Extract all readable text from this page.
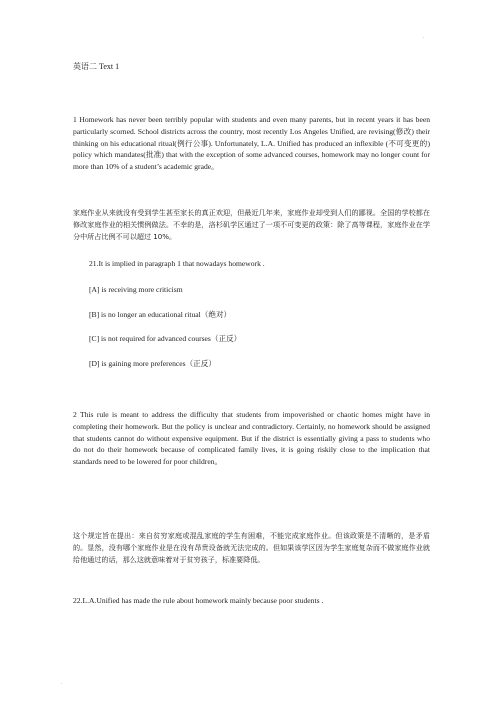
.
英语二 Text 1
1 Homework has never been terribly popular with students and even many parents, but in recent years it has been particularly scorned. School districts across the country, most recently Los Angeles Unified, are revising(修改) their thinking on his educational ritual(例行公事). Unfortunately, L.A. Unified has produced an inflexible (不可变更的) policy which mandates(批准) that with the exception of some advanced courses, homework may no longer count for more than 10% of a student’s academic grade。
家庭作业从来就没有受到学生甚至家长的真正欢迎，但最近几年来，家庭作业却受到人们的鄙视。全国的学校都在修改家庭作业的相关惯例做法。不幸的是，洛杉矶学区通过了一项不可变更的政策：除了高等课程，家庭作业在学分中所占比例不可以超过 10%。
21.It is implied in paragraph 1 that nowadays homework .
[A] is receiving more criticism
[B] is no longer an educational ritual（绝对）
[C] is not required for advanced courses（正反）
[D] is gaining more preferences（正反）
2 This rule is meant to address the difficulty that students from impoverished or chaotic homes might have in completing their homework. But the policy is unclear and contradictory. Certainly, no homework should be assigned that students cannot do without expensive equipment. But if the district is essentially giving a pass to students who do not do their homework because of complicated family lives, it is going riskily close to the implication that standards need to be lowered for poor children。
这个规定旨在提出：来自贫穷家庭或混乱家庭的学生有困难，不能完成家庭作业。但该政策是不清晰的，是矛盾的。显然，没有哪个家庭作业是在没有昂贵设备就无法完成的。但如果该学区因为学生家庭复杂而不做家庭作业就给他通过的话，那么这就意味着对于贫穷孩子，标准要降低。
22.L.A.Unified has made the rule about homework mainly because poor students .
.
